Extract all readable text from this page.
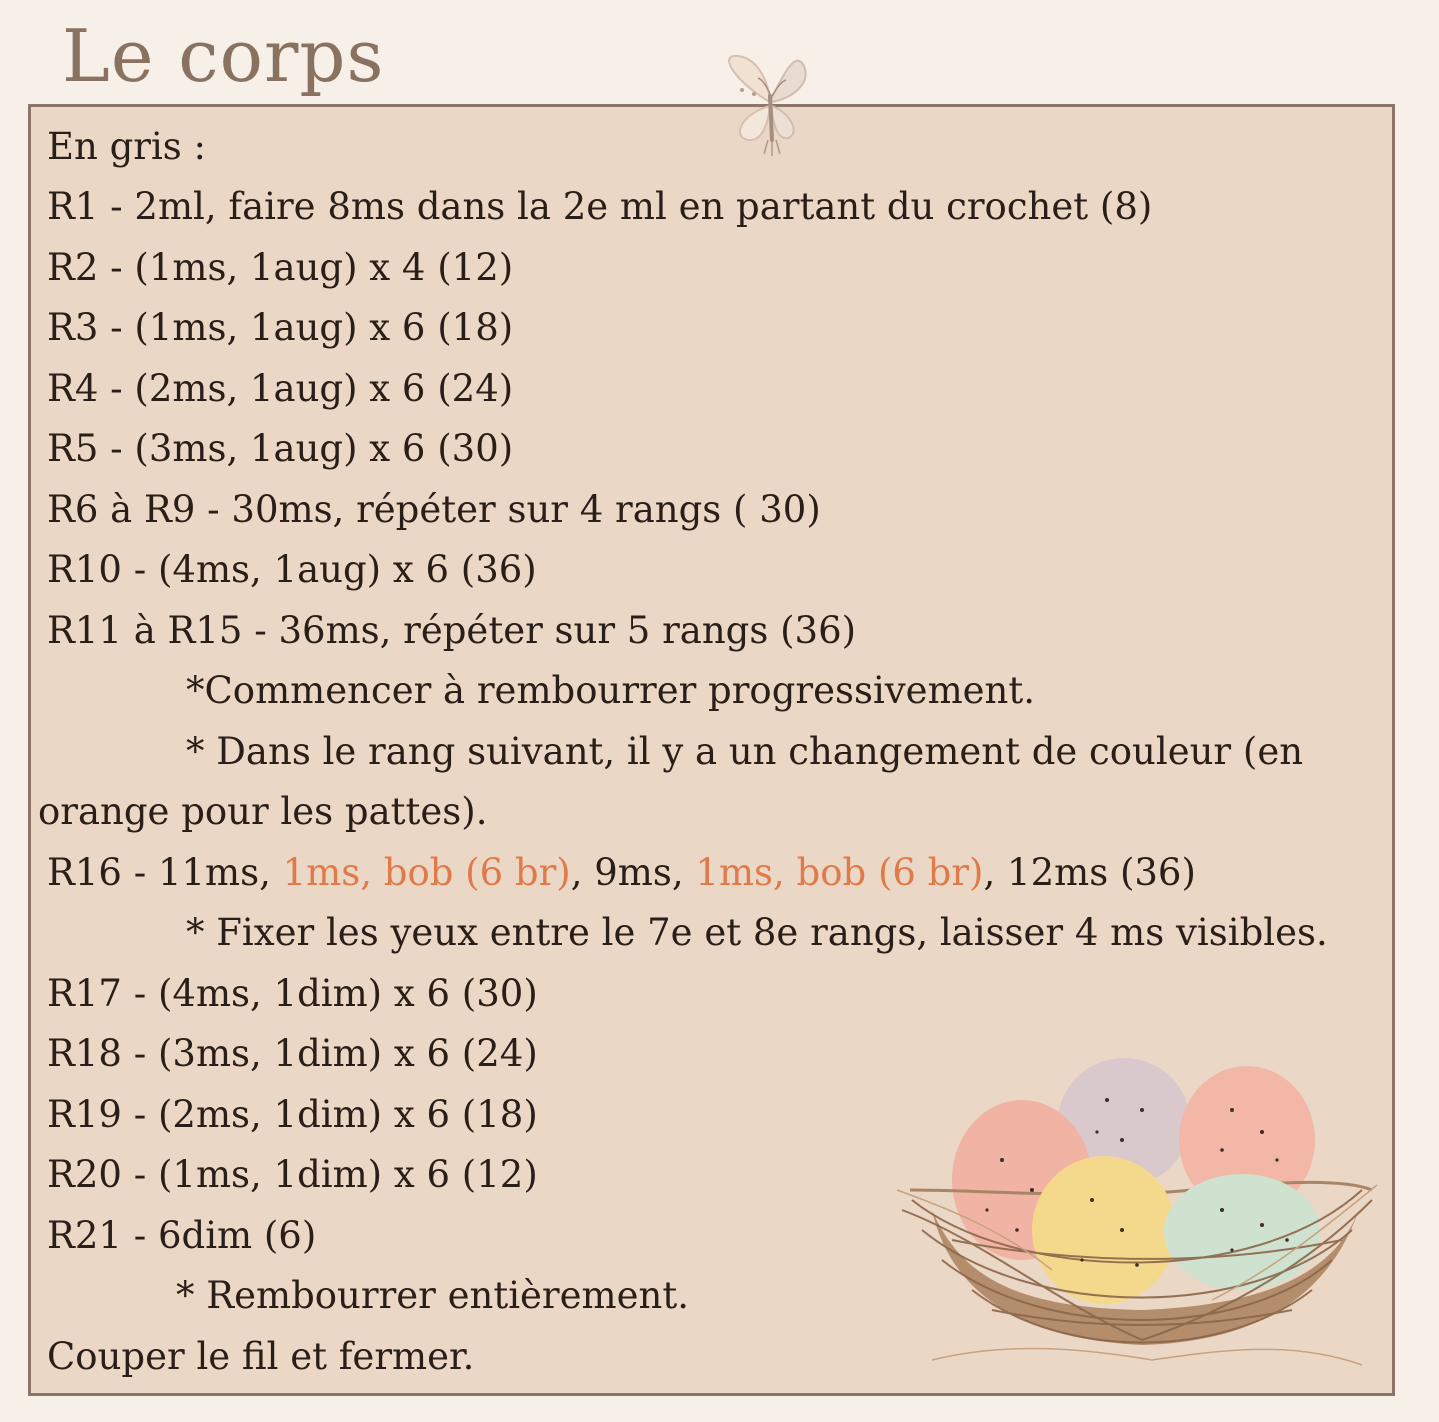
Le corps
En gris :
R1 - 2ml, faire 8ms dans la 2e ml en partant du crochet (8)
R2 - (1ms, 1aug) x 4 (12)
R3 - (1ms, 1aug) x 6 (18)
R4 - (2ms, 1aug) x 6 (24)
R5 - (3ms, 1aug) x 6 (30)
R6 à R9 - 30ms, répéter sur 4 rangs ( 30)
R10 - (4ms, 1aug) x 6 (36)
R11 à R15 - 36ms, répéter sur 5 rangs (36)
*Commencer à rembourrer progressivement.
* Dans le rang suivant, il y a un changement de couleur (en
orange pour les pattes).
R16 - 11ms, 1ms, bob (6 br), 9ms, 1ms, bob (6 br), 12ms (36)
* Fixer les yeux entre le 7e et 8e rangs, laisser 4 ms visibles.
R17 - (4ms, 1dim) x 6 (30)
R18 - (3ms, 1dim) x 6 (24)
R19 - (2ms, 1dim) x 6 (18)
R20 - (1ms, 1dim) x 6 (12)
R21 - 6dim (6)
* Rembourrer entièrement.
Couper le fil et fermer.
